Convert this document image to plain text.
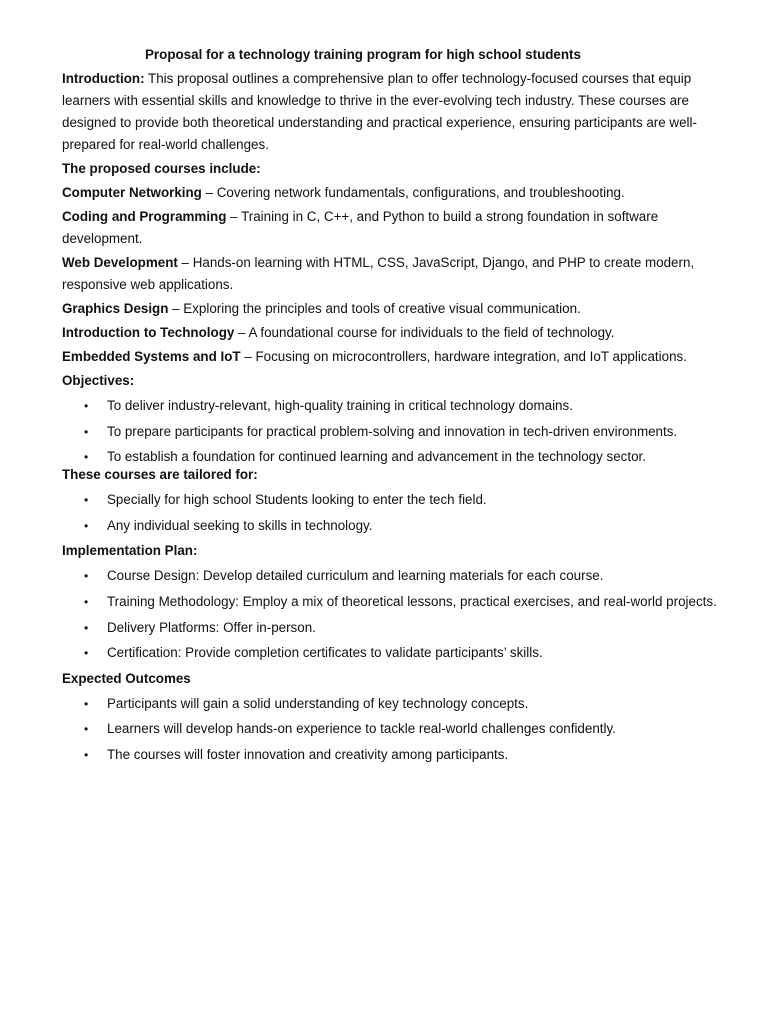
Proposal for a technology training program for high school students

Introduction: This proposal outlines a comprehensive plan to offer technology-focused courses that equip learners with essential skills and knowledge to thrive in the ever-evolving tech industry. These courses are designed to provide both theoretical understanding and practical experience, ensuring participants are well-prepared for real-world challenges.

The proposed courses include:

Computer Networking – Covering network fundamentals, configurations, and troubleshooting.

Coding and Programming – Training in C, C++, and Python to build a strong foundation in software development.

Web Development – Hands-on learning with HTML, CSS, JavaScript, Django, and PHP to create modern, responsive web applications.

Graphics Design – Exploring the principles and tools of creative visual communication.

Introduction to Technology – A foundational course for individuals to the field of technology.

Embedded Systems and IoT – Focusing on microcontrollers, hardware integration, and IoT applications.

Objectives:

• To deliver industry-relevant, high-quality training in critical technology domains.
• To prepare participants for practical problem-solving and innovation in tech-driven environments.
• To establish a foundation for continued learning and advancement in the technology sector.

These courses are tailored for:

• Specially for high school Students looking to enter the tech field.
• Any individual seeking to skills in technology.

Implementation Plan:

• Course Design: Develop detailed curriculum and learning materials for each course.
• Training Methodology: Employ a mix of theoretical lessons, practical exercises, and real-world projects.
• Delivery Platforms: Offer in-person.
• Certification: Provide completion certificates to validate participants’ skills.

Expected Outcomes

• Participants will gain a solid understanding of key technology concepts.
• Learners will develop hands-on experience to tackle real-world challenges confidently.
• The courses will foster innovation and creativity among participants.
